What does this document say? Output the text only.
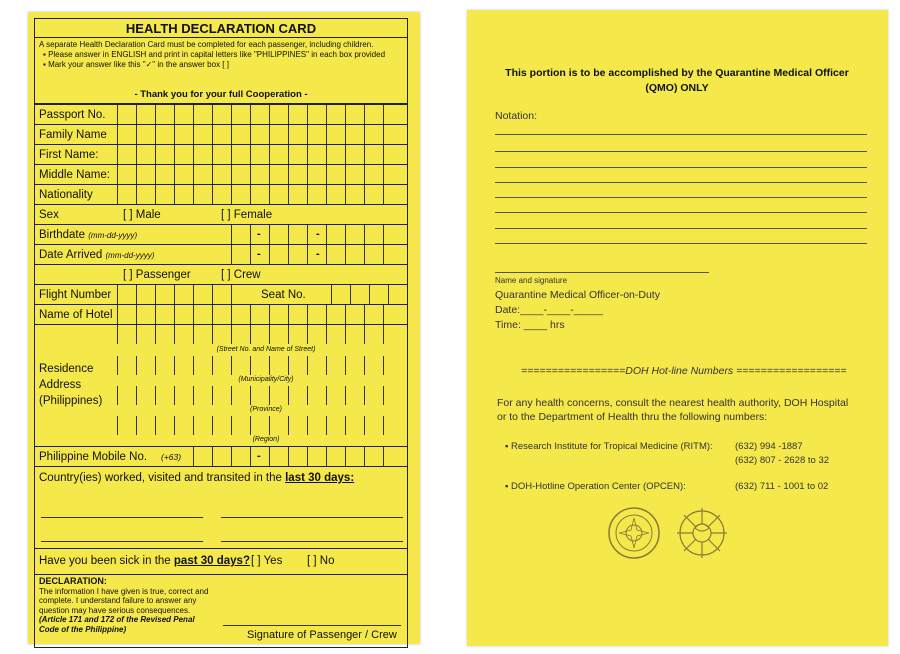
HEALTH DECLARATION CARD
A separate Health Declaration Card must be completed for each passenger, including children.
▪ Please answer in ENGLISH and print in capital letters like "PHILIPPINES" in each box provided
▪ Mark your answer like this "✓" in the answer box [ ]
- Thank you for your full Cooperation -
Passport No.
Family Name
First Name:
Middle Name:
Nationality
Sex	[ ] Male	[ ] Female
Birthdate (mm-dd-yyyy)	-	-
Date Arrived (mm-dd-yyyy)	-	-
[ ] Passenger	[ ] Crew
Flight Number	Seat No.
Name of Hotel
Residence
Address
(Philippines)
(Street No. and Name of Street)
(Municipality/City)
(Province)
(Region)
Philippine Mobile No. (+63)	-
Country(ies) worked, visited and transited in the last 30 days:
Have you been sick in the past 30 days? [ ] Yes [ ] No
DECLARATION:
The information I have given is true, correct and complete. I understand failure to answer any question may have serious consequences.
(Article 171 and 172 of the Revised Penal Code of the Philippine)	Signature of Passenger / Crew
This portion is to be accomplished by the Quarantine Medical Officer
(QMO) ONLY
Notation:
Name and signature
Quarantine Medical Officer-on-Duty
Date:____-____-_____
Time: ____ hrs
=================DOH Hot-line Numbers ==================
For any health concerns, consult the nearest health authority, DOH Hospital or to the Department of Health thru the following numbers:
▪ Research Institute for Tropical Medicine (RITM): (632) 994 -1887
(632) 807 - 2628 to 32
▪ DOH-Hotline Operation Center (OPCEN):	(632) 711 - 1001 to 02
